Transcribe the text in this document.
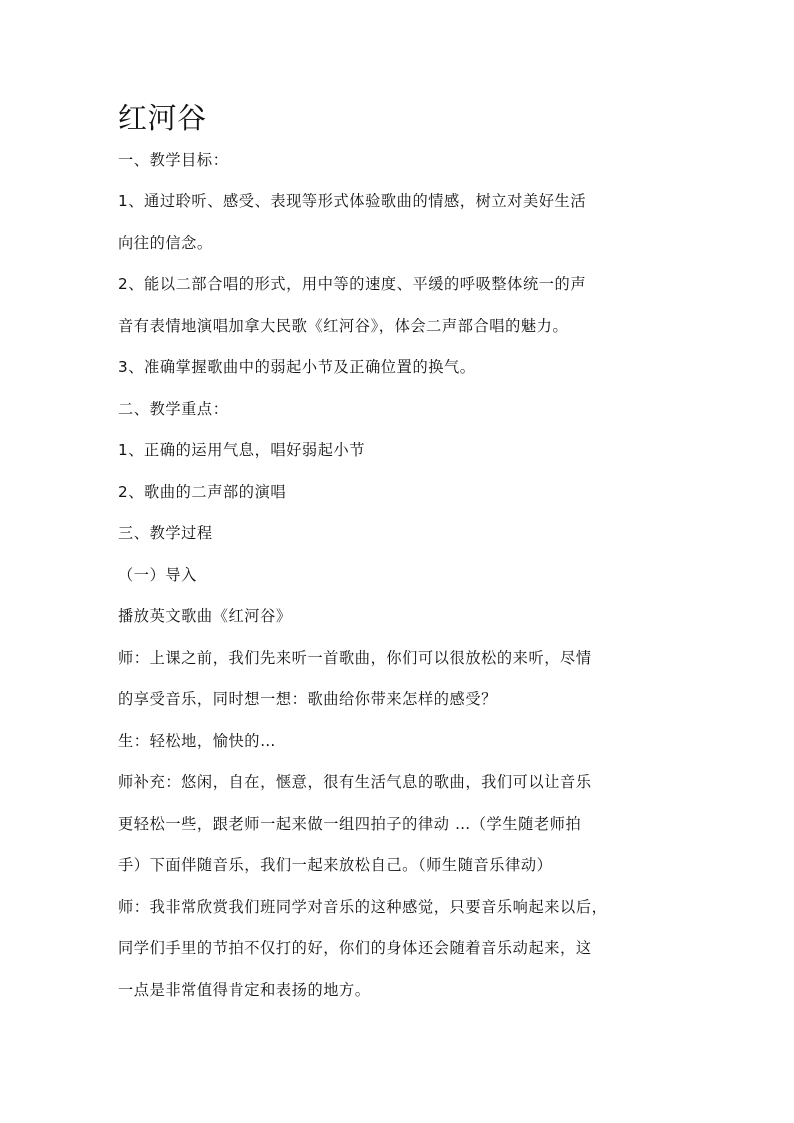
红河谷
一、教学目标：
1、通过聆听、感受、表现等形式体验歌曲的情感，树立对美好生活
向往的信念。
2、能以二部合唱的形式，用中等的速度、平缓的呼吸整体统一的声
音有表情地演唱加拿大民歌《红河谷》，体会二声部合唱的魅力。
3、准确掌握歌曲中的弱起小节及正确位置的换气。
二、教学重点：
1、正确的运用气息，唱好弱起小节
2、歌曲的二声部的演唱
三、教学过程
（一）导入
播放英文歌曲《红河谷》
师：上课之前，我们先来听一首歌曲，你们可以很放松的来听，尽情
的享受音乐，同时想一想：歌曲给你带来怎样的感受？
生：轻松地，愉快的…
师补充：悠闲，自在，惬意，很有生活气息的歌曲，我们可以让音乐
更轻松一些，跟老师一起来做一组四拍子的律动 …（学生随老师拍
手）下面伴随音乐，我们一起来放松自己。（师生随音乐律动）
师：我非常欣赏我们班同学对音乐的这种感觉，只要音乐响起来以后，
同学们手里的节拍不仅打的好，你们的身体还会随着音乐动起来，这
一点是非常值得肯定和表扬的地方。
